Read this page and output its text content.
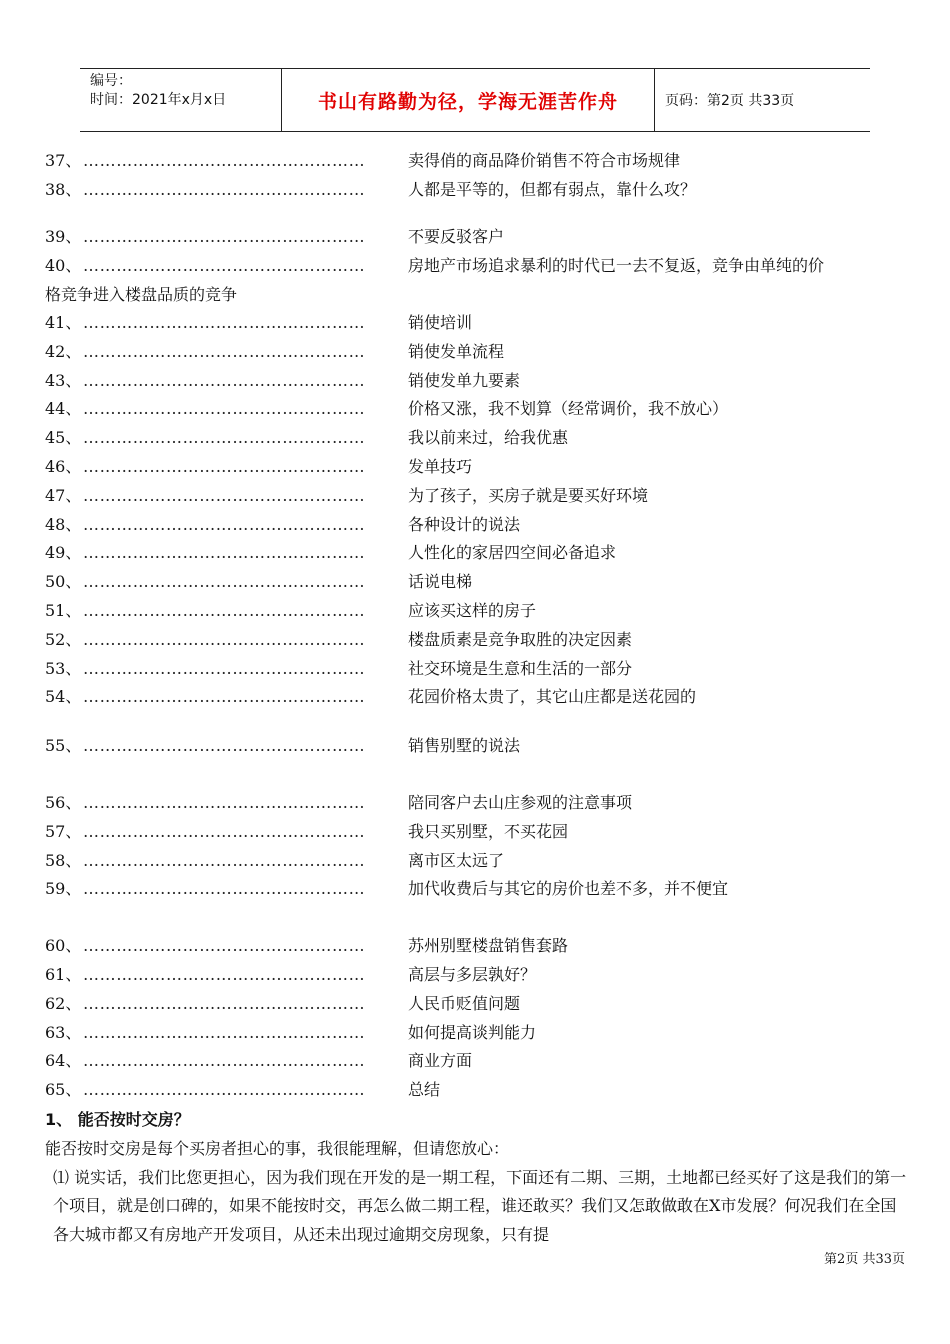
编号：
时间：2021年x月x日	书山有路勤为径，学海无涯苦作舟	页码：第2页 共33页
37、 ……………………………………………	卖得俏的商品降价销售不符合市场规律
38、 ……………………………………………	人都是平等的，但都有弱点，靠什么攻？
39、 ……………………………………………	不要反驳客户
40、 ……………………………………………	房地产市场追求暴利的时代已一去不复返，竞争由单纯的价
格竞争进入楼盘品质的竞争
41、 ……………………………………………	销使培训
42、 ……………………………………………	销使发单流程
43、 ……………………………………………	销使发单九要素
44、 ……………………………………………	价格又涨，我不划算（经常调价，我不放心）
45、 ……………………………………………	我以前来过，给我优惠
46、 ……………………………………………	发单技巧
47、 ……………………………………………	为了孩子，买房子就是要买好环境
48、 ……………………………………………	各种设计的说法
49、 ……………………………………………	人性化的家居四空间必备追求
50、 ……………………………………………	话说电梯
51、 ……………………………………………	应该买这样的房子
52、 ……………………………………………	楼盘质素是竞争取胜的决定因素
53、 ……………………………………………	社交环境是生意和生活的一部分
54、 ……………………………………………	花园价格太贵了，其它山庄都是送花园的
55、 ……………………………………………	销售别墅的说法
56、 ……………………………………………	陪同客户去山庄参观的注意事项
57、 ……………………………………………	我只买别墅，不买花园
58、 ……………………………………………	离市区太远了
59、 ……………………………………………	加代收费后与其它的房价也差不多，并不便宜
60、 ……………………………………………	苏州别墅楼盘销售套路
61、 ……………………………………………	高层与多层孰好？
62、 ……………………………………………	人民币贬值问题
63、 ……………………………………………	如何提高谈判能力
64、 ……………………………………………	商业方面
65、 ……………………………………………	总结
1、 能否按时交房？

能否按时交房是每个买房者担心的事，我很能理解，但请您放心：

⑴ 说实话，我们比您更担心，因为我们现在开发的是一期工程，下面还有二期、三期，土地都已经买好了这是我们的第一个项目，就是创口碑的，如果不能按时交，再怎么做二期工程，谁还敢买？我们又怎敢做敢在X市发展？何况我们在全国各大城市都又有房地产开发项目，从还未出现过逾期交房现象，只有提

第2页 共33页
